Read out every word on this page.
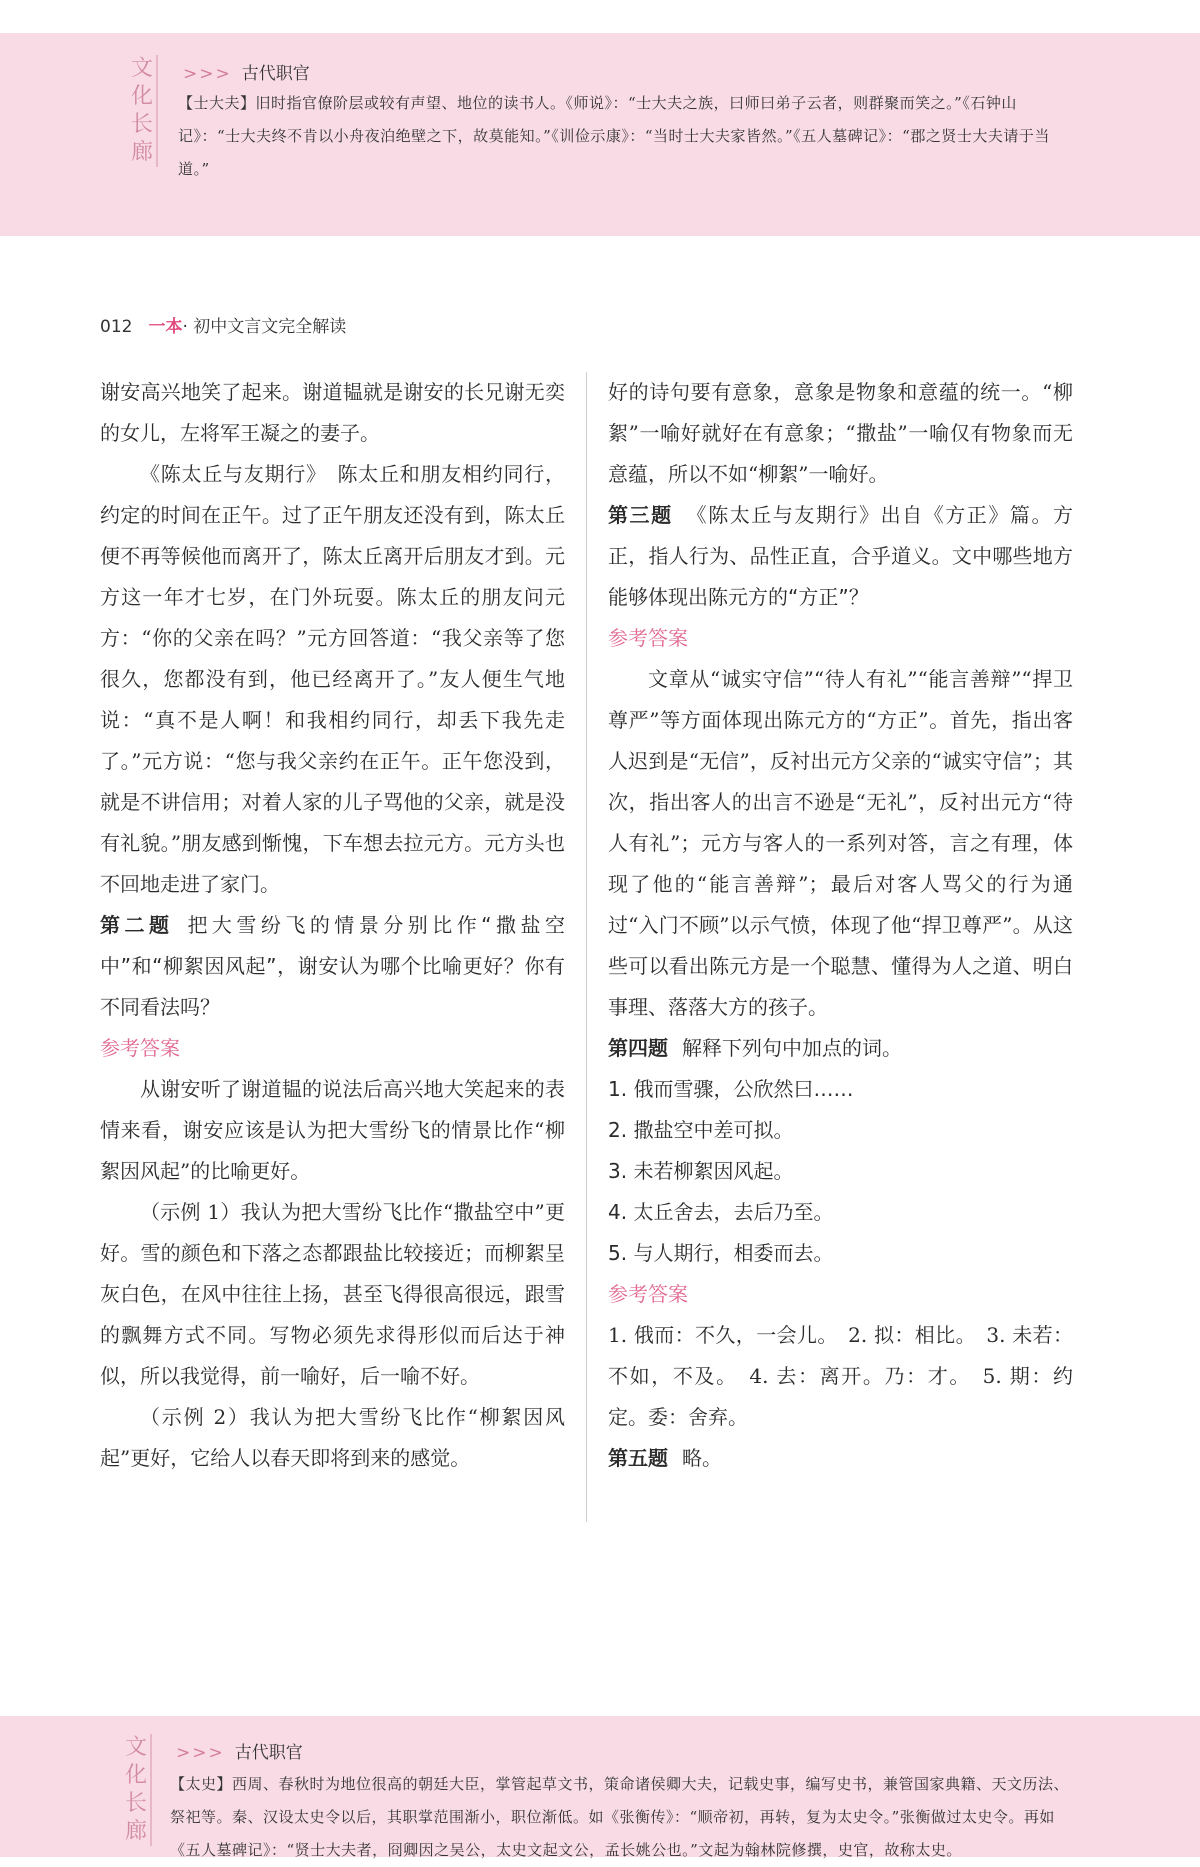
文
化
长
廊
>>> 古代职官
【士大夫】旧时指官僚阶层或较有声望、地位的读书人。《师说》：“士大夫之族，曰师曰弟子云者，则群聚而笑之。”《石钟山记》：“士大夫终不肯以小舟夜泊绝壁之下，故莫能知。”《训俭示康》：“当时士大夫家皆然。”《五人墓碑记》：“郡之贤士大夫请于当道。”
012 一本· 初中文言文完全解读

谢安高兴地笑了起来。谢道韫就是谢安的长兄谢无奕的女儿，左将军王凝之的妻子。

《陈太丘与友期行》　陈太丘和朋友相约同行，约定的时间在正午。过了正午朋友还没有到，陈太丘便不再等候他而离开了，陈太丘离开后朋友才到。元方这一年才七岁，在门外玩耍。陈太丘的朋友问元方：“你的父亲在吗？”元方回答道：“我父亲等了您很久，您都没有到，他已经离开了。”友人便生气地说：“真不是人啊！和我相约同行，却丢下我先走了。”元方说：“您与我父亲约在正午。正午您没到，就是不讲信用；对着人家的儿子骂他的父亲，就是没有礼貌。”朋友感到惭愧，下车想去拉元方。元方头也不回地走进了家门。

第二题 把大雪纷飞的情景分别比作“撒盐空中”和“柳絮因风起”，谢安认为哪个比喻更好？你有不同看法吗？

参考答案

从谢安听了谢道韫的说法后高兴地大笑起来的表情来看，谢安应该是认为把大雪纷飞的情景比作“柳絮因风起”的比喻更好。

（示例 1）我认为把大雪纷飞比作“撒盐空中”更好。雪的颜色和下落之态都跟盐比较接近；而柳絮呈灰白色，在风中往往上扬，甚至飞得很高很远，跟雪的飘舞方式不同。写物必须先求得形似而后达于神似，所以我觉得，前一喻好，后一喻不好。

（示例 2）我认为把大雪纷飞比作“柳絮因风起”更好，它给人以春天即将到来的感觉。

好的诗句要有意象，意象是物象和意蕴的统一。“柳絮”一喻好就好在有意象；“撒盐”一喻仅有物象而无意蕴，所以不如“柳絮”一喻好。

第三题 《陈太丘与友期行》出自《方正》篇。方正，指人行为、品性正直，合乎道义。文中哪些地方能够体现出陈元方的“方正”？

参考答案

文章从“诚实守信”“待人有礼”“能言善辩”“捍卫尊严”等方面体现出陈元方的“方正”。首先，指出客人迟到是“无信”，反衬出元方父亲的“诚实守信”；其次，指出客人的出言不逊是“无礼”，反衬出元方“待人有礼”；元方与客人的一系列对答，言之有理，体现了他的“能言善辩”；最后对客人骂父的行为通过“入门不顾”以示气愤，体现了他“捍卫尊严”。从这些可以看出陈元方是一个聪慧、懂得为人之道、明白事理、落落大方的孩子。

第四题 解释下列句中加点的词。

1. 俄而雪骤，公欣然曰……

2. 撒盐空中差可拟。

3. 未若柳絮因风起。

4. 太丘舍去，去后乃至。

5. 与人期行，相委而去。

参考答案

1. 俄而：不久，一会儿。　2. 拟：相比。　3. 未若：不如，不及。　4. 去：离开。乃：才。　5. 期：约定。委：舍弃。

第五题 略。

文
化
长
廊
>>> 古代职官
【太史】西周、春秋时为地位很高的朝廷大臣，掌管起草文书，策命诸侯卿大夫，记载史事，编写史书，兼管国家典籍、天文历法、祭祀等。秦、汉设太史令以后，其职掌范围渐小，职位渐低。如《张衡传》：“顺帝初，再转，复为太史令。”张衡做过太史令。再如《五人墓碑记》：“贤士大夫者，冏卿因之吴公，太史文起文公，孟长姚公也。”文起为翰林院修撰，史官，故称太史。
